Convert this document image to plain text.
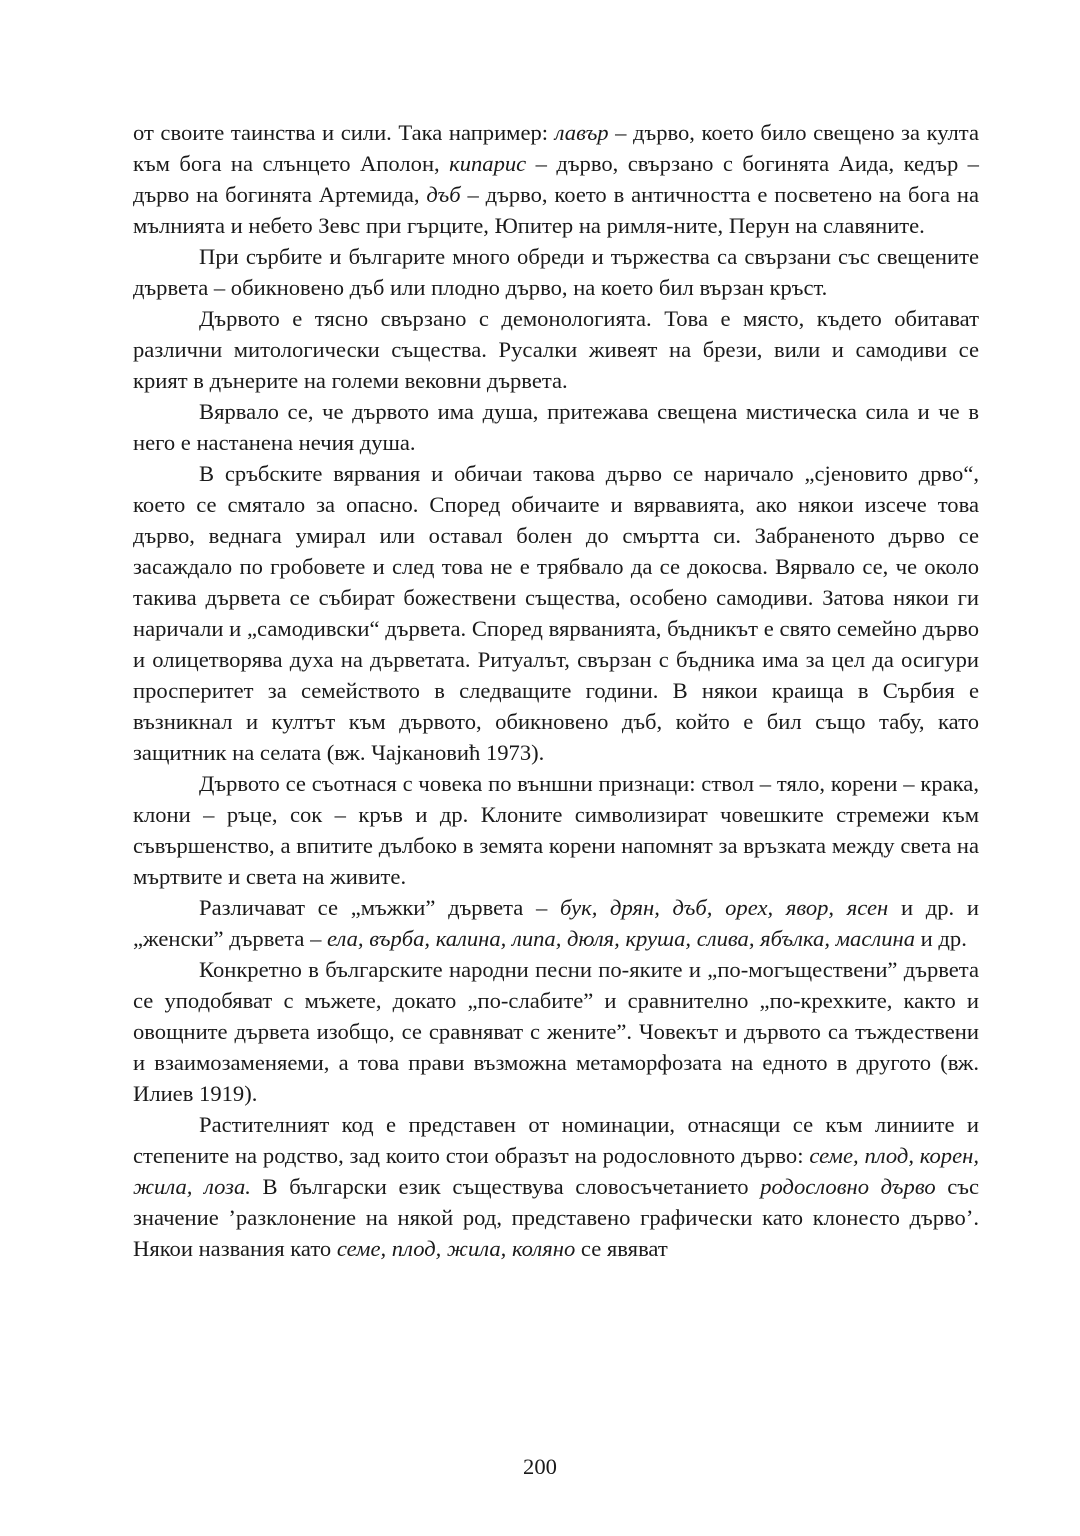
от своите таинства и сили. Така например: лавър – дърво, което било свещено за култа към бога на слънцето Аполон, кипарис – дърво, свързано с богинята Аида, кедър – дърво на богинята Артемида, дъб – дърво, което в античността е посветено на бога на мълнията и небето Зевс при гърците, Юпитер на римля-ните, Перун на славяните.

При сърбите и българите много обреди и тържества са свързани със свещените дървета – обикновено дъб или плодно дърво, на което бил вързан кръст.

Дървото е тясно свързано с демонологията. Това е място, където обитават различни митологически същества. Русалки живеят на брези, вили и самодиви се крият в дънерите на големи вековни дървета.

Вярвало се, че дървото има душа, притежава свещена мистическа сила и че в него е настанена нечия душа.

В сръбските вярвания и обичаи такова дърво се наричало „сјеновито дрво“, което се смятало за опасно. Според обичаите и вярвавията, ако някои изсече това дърво, веднага умирал или оставал болен до смъртта си. Забраненото дърво се засаждало по гробовете и след това не е трябвало да се докосва. Вярвало се, че около такива дървета се събират божествени същества, особено самодиви. Затова някои ги наричали и „самодивски“ дървета. Според вярванията, бъдникът е свято семейно дърво и олицетворява духа на дърветата. Ритуалът, свързан с бъдника има за цел да осигури просперитет за семейството в следващите години. В някои краища в Сърбия е възникнал и култът към дървото, обикновено дъб, който е бил също табу, като защитник на селата (вж. Чајкановић 1973).

Дървото се съотнася с човека по външни признаци: ствол – тяло, корени – крака, клони – ръце, сок – кръв и др. Клоните символизират човешките стремежи към съвършенство, а впитите дълбоко в земята корени напомнят за връзката между света на мъртвите и света на живите.

Различават се „мъжки” дървета – бук, дрян, дъб, орех, явор, ясен и др. и „женски” дървета – ела, върба, калина, липа, дюля, круша, слива, ябълка, маслина и др.

Конкретно в българските народни песни по-яките и „по-могъществени” дървета се уподобяват с мъжете, докато „по-слабите” и сравнително „по-крехките, както и овощните дървета изобщо, се сравняват с жените”. Човекът и дървото са тъждествени и взаимозаменяеми, а това прави възможна метаморфозата на едното в другото (вж. Илиев 1919).

Растителният код е представен от номинации, отнасящи се към линиите и степените на родство, зад които стои образът на родословното дърво: семе, плод, корен, жила, лоза. В български език съществува словосъчетанието родословно дърво със значение ’разклонение на някой род, представено графически като клонесто дърво’. Някои названия като семе, плод, жила, коляно се явяват

200
